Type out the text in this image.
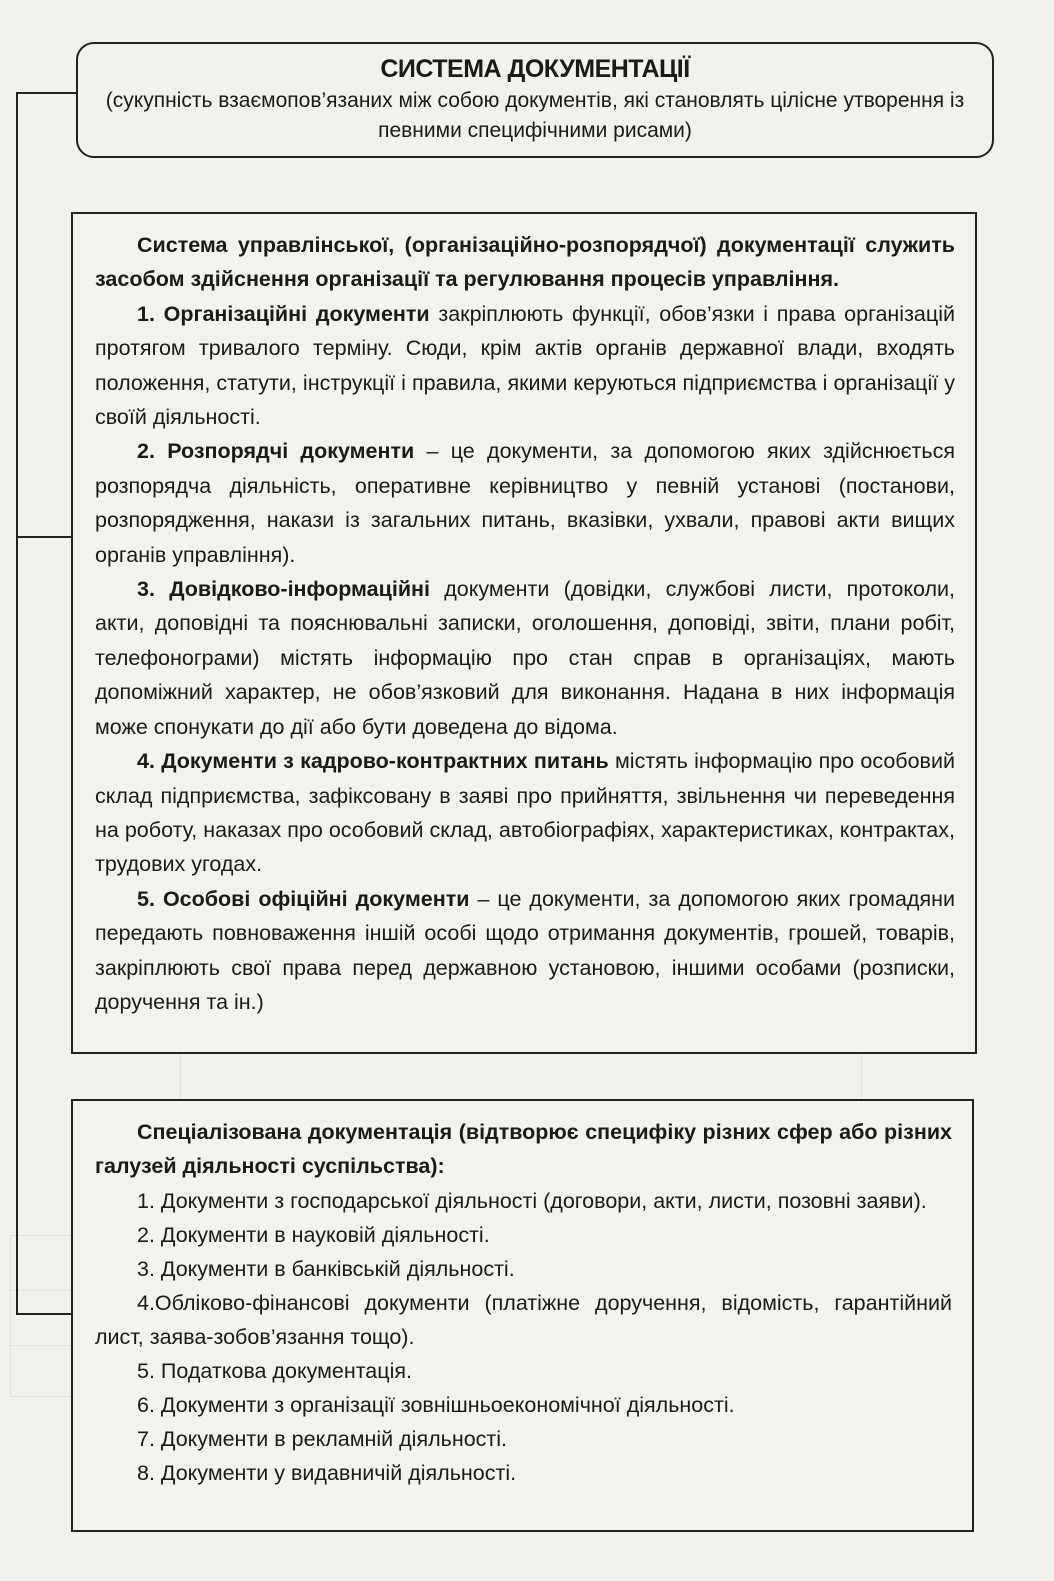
СИСТЕМА ДОКУМЕНТАЦІЇ

(сукупність взаємопов’язаних між собою документів, які становлять цілісне утворення із певними специфічними рисами)

Система управлінської, (організаційно-розпорядчої) документації служить засобом здійснення організації та регулювання процесів управління.

1. Організаційні документи закріплюють функції, обов’язки і права організацій протягом тривалого терміну. Сюди, крім актів органів державної влади, входять положення, статути, інструкції і правила, якими керуються підприємства і організації у своїй діяльності.

2. Розпорядчі документи – це документи, за допомогою яких здійснюється розпорядча діяльність, оперативне керівництво у певній установі (постанови, розпорядження, накази із загальних питань, вказівки, ухвали, правові акти вищих органів управління).

3. Довідково-інформаційні документи (довідки, службові листи, протоколи, акти, доповідні та пояснювальні записки, оголошення, доповіді, звіти, плани робіт, телефонограми) містять інформацію про стан справ в організаціях, мають допоміжний характер, не обов’язковий для виконання. Надана в них інформація може спонукати до дії або бути доведена до відома.

4. Документи з кадрово-контрактних питань містять інформацію про особовий склад підприємства, зафіксовану в заяві про прийняття, звільнення чи переведення на роботу, наказах про особовий склад, автобіографіях, характеристиках, контрактах, трудових угодах.

5. Особові офіційні документи – це документи, за допомогою яких громадяни передають повноваження іншій особі щодо отримання документів, грошей, товарів, закріплюють свої права перед державною установою, іншими особами (розписки, доручення та ін.)

Спеціалізована документація (відтворює специфіку різних сфер або різних галузей діяльності суспільства):

1. Документи з господарської діяльності (договори, акти, листи, позовні заяви).

2. Документи в науковій діяльності.

3. Документи в банківській діяльності.

4.Обліково-фінансові документи (платіжне доручення, відомість, гарантійний лист, заява-зобов’язання тощо).

5. Податкова документація.

6. Документи з організації зовнішньоекономічної діяльності.

7. Документи в рекламній діяльності.

8. Документи у видавничій діяльності.
